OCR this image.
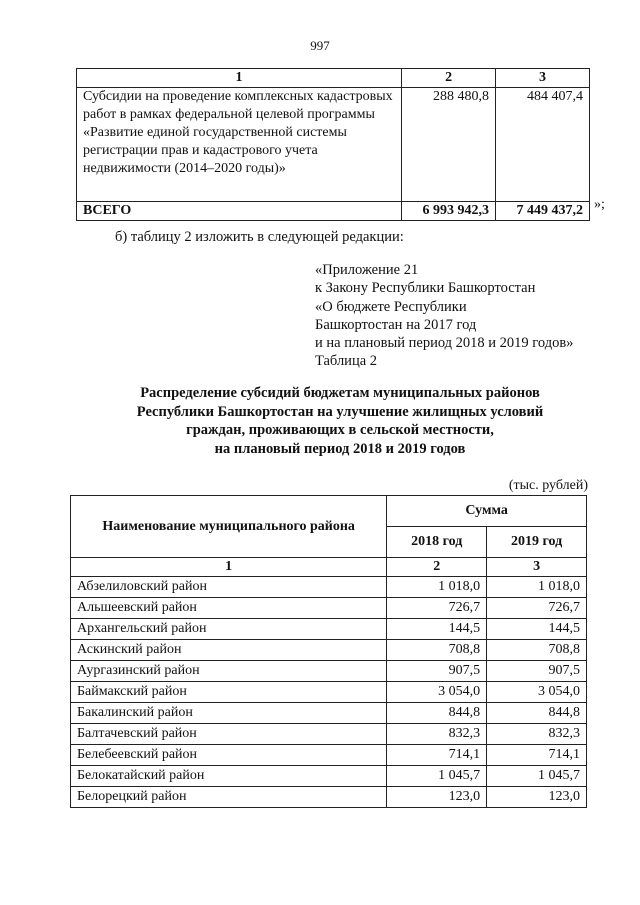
997
1	2	3
Субсидии на проведение комплексных кадастровых работ в рамках федеральной целевой программы «Развитие единой государственной системы регистрации прав и кадастрового учета недвижимости (2014–2020 годы)»	288 480,8	484 407,4
ВСЕГО	6 993 942,3	7 449 437,2 »;
б) таблицу 2 изложить в следующей редакции:
«Приложение 21
к Закону Республики Башкортостан
«О бюджете Республики
Башкортостан на 2017 год
и на плановый период 2018 и 2019 годов»
Таблица 2
Распределение субсидий бюджетам муниципальных районов
Республики Башкортостан на улучшение жилищных условий
граждан, проживающих в сельской местности,
на плановый период 2018 и 2019 годов
(тыс. рублей)
Наименование муниципального района	Сумма	
	2018 год	2019 год
1	2	3
Абзелиловский район	1 018,0	1 018,0
Альшеевский район	726,7	726,7
Архангельский район	144,5	144,5
Аскинский район	708,8	708,8
Аургазинский район	907,5	907,5
Баймакский район	3 054,0	3 054,0
Бакалинский район	844,8	844,8
Балтачевский район	832,3	832,3
Белебеевский район	714,1	714,1
Белокатайский район	1 045,7	1 045,7
Белорецкий район	123,0	123,0
